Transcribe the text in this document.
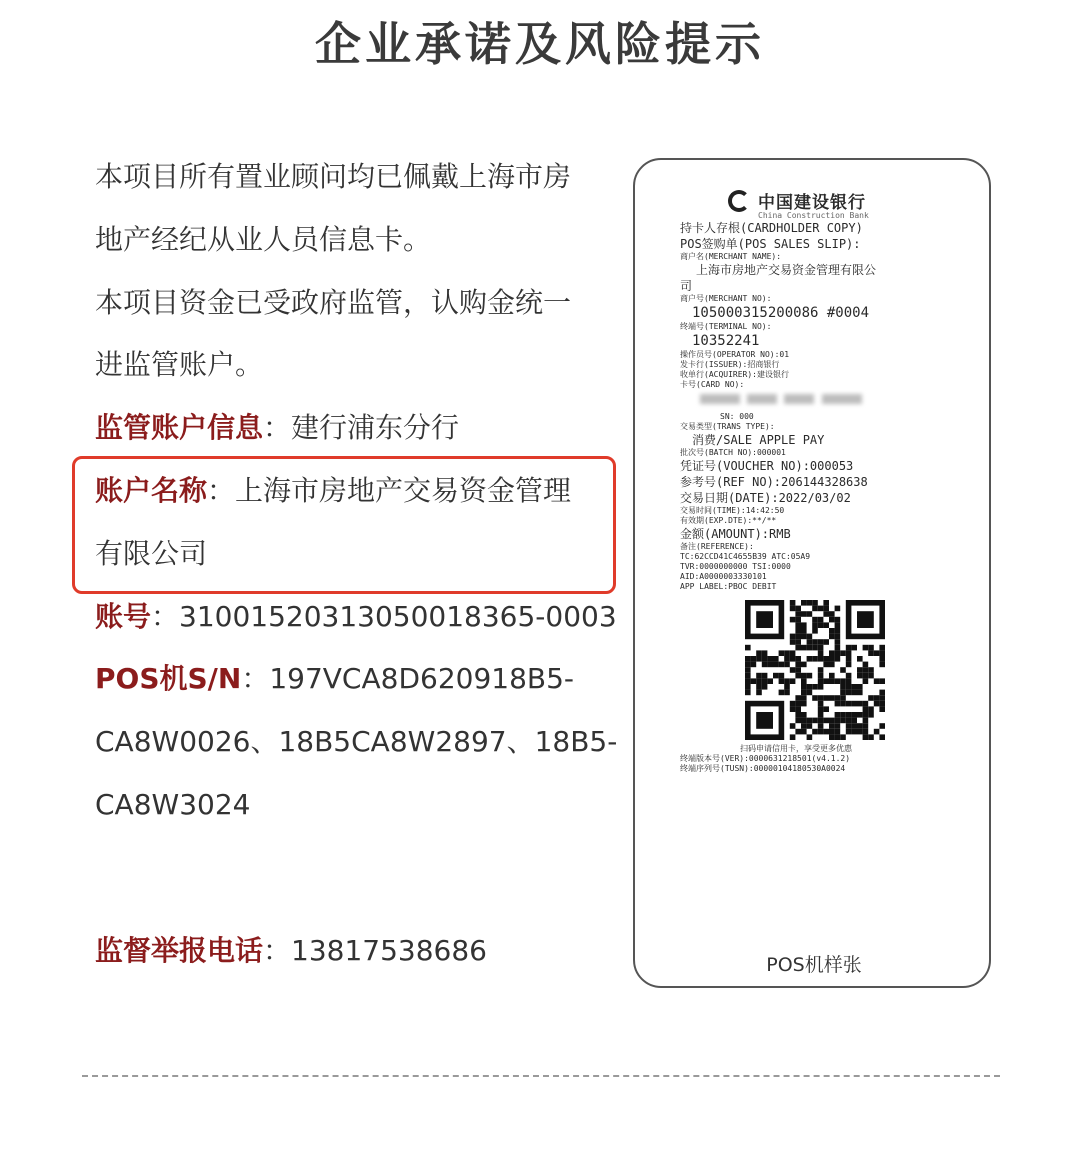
企业承诺及风险提示
本项目所有置业顾问均已佩戴上海市房
地产经纪从业人员信息卡。
本项目资金已受政府监管，认购金统一
进监管账户。
监管账户信息：建行浦东分行
账户名称：上海市房地产交易资金管理
有限公司
账号：31001520313050018365-0003
POS机S/N：197VCA8D620918B5-
CA8W0026、18B5CA8W2897、18B5-
CA8W3024
监督举报电话：13817538686
中国建设银行
China Construction Bank
持卡人存根(CARDHOLDER COPY)
POS签购单(POS SALES SLIP):
商户名(MERCHANT NAME):
上海市房地产交易资金管理有限公
司
商户号(MERCHANT NO):
105000315200086 #0004
终端号(TERMINAL NO):
10352241
操作员号(OPERATOR NO):01
发卡行(ISSUER):招商银行
收单行(ACQUIRER):建设银行
卡号(CARD NO):

SN: 000
交易类型(TRANS TYPE):
消费/SALE APPLE PAY
批次号(BATCH NO):000001
凭证号(VOUCHER NO):000053
参考号(REF NO):206144328638
交易日期(DATE):2022/03/02
交易时间(TIME):14:42:50
有效期(EXP.DTE):**/**
金额(AMOUNT):RMB
备注(REFERENCE):
TC:62CCD41C4655B39 ATC:05A9
TVR:0000000000 TSI:0000
AID:A0000003330101
APP LABEL:PBOC DEBIT
扫码申请信用卡，享受更多优惠
终端版本号(VER):0000631218501(v4.1.2)
终端序列号(TUSN):00000104180530A0024
POS机样张
